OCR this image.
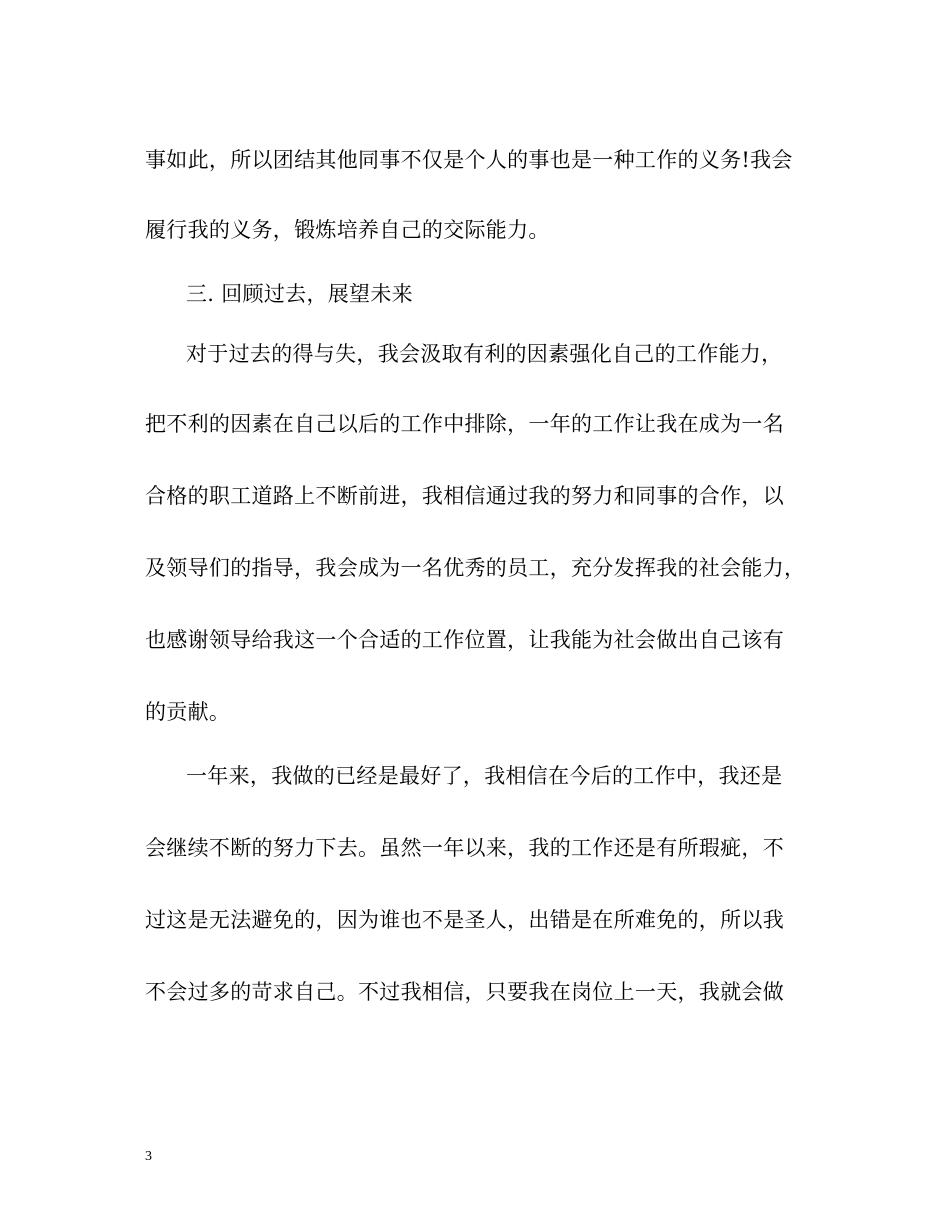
事如此，所以团结其他同事不仅是个人的事也是一种工作的义务!我会
履行我的义务，锻炼培养自己的交际能力。
三. 回顾过去，展望未来
对于过去的得与失，我会汲取有利的因素强化自己的工作能力，
把不利的因素在自己以后的工作中排除，一年的工作让我在成为一名
合格的职工道路上不断前进，我相信通过我的努力和同事的合作，以
及领导们的指导，我会成为一名优秀的员工，充分发挥我的社会能力，
也感谢领导给我这一个合适的工作位置，让我能为社会做出自己该有
的贡献。
一年来，我做的已经是最好了，我相信在今后的工作中，我还是
会继续不断的努力下去。虽然一年以来，我的工作还是有所瑕疵，不
过这是无法避免的，因为谁也不是圣人，出错是在所难免的，所以我
不会过多的苛求自己。不过我相信，只要我在岗位上一天，我就会做
3
